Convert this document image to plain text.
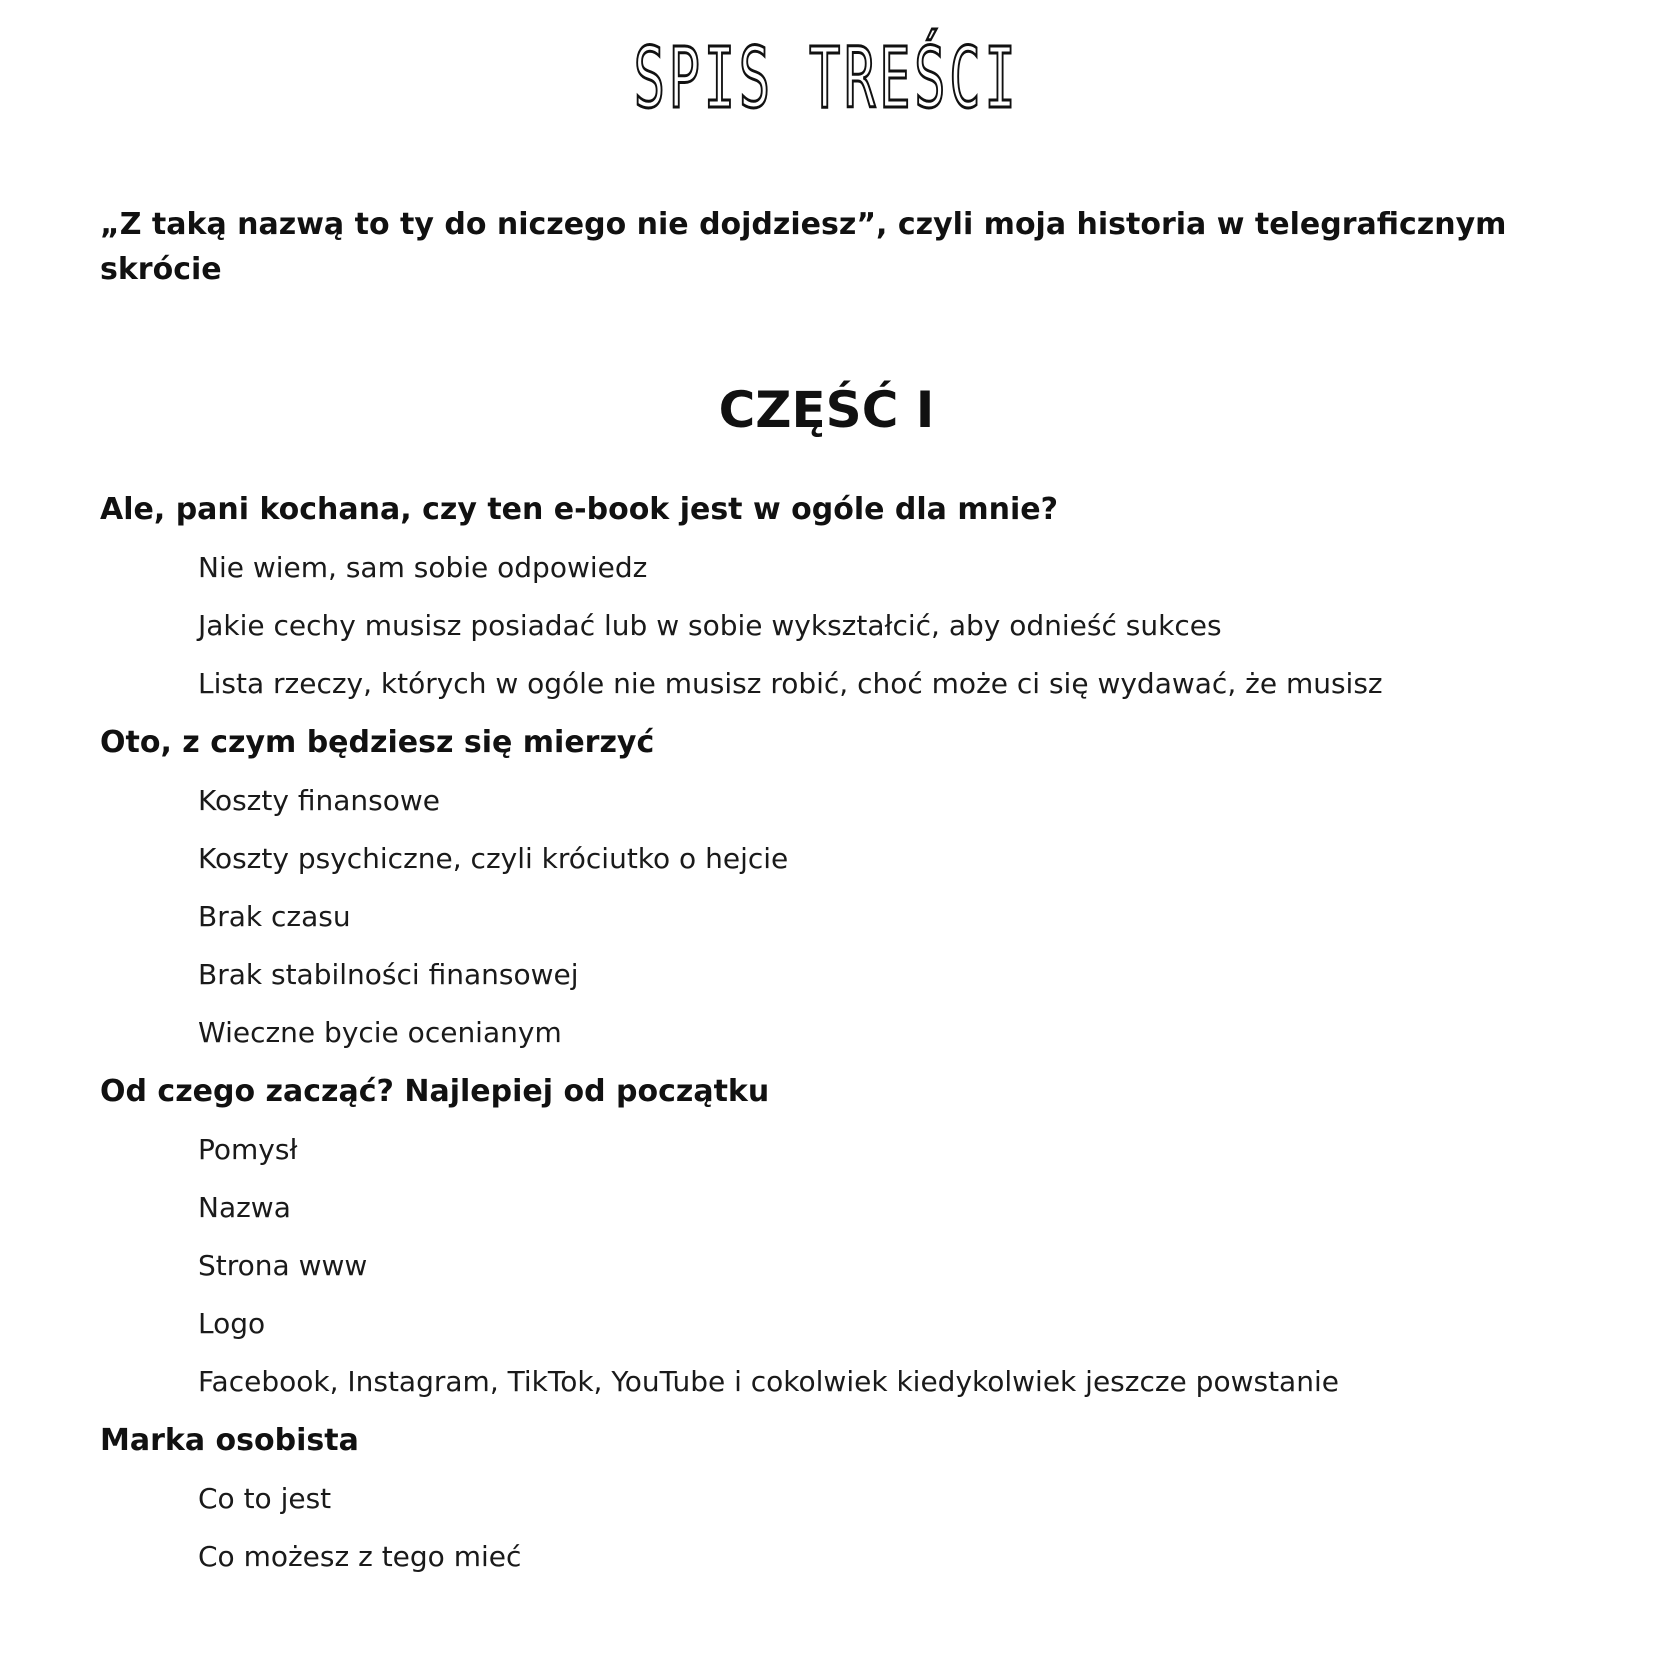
SPIS TREŚCI
„Z taką nazwą to ty do niczego nie dojdziesz”, czyli moja historia w telegraficznym skrócie
CZĘŚĆ I
Ale, pani kochana, czy ten e-book jest w ogóle dla mnie?
Nie wiem, sam sobie odpowiedz
Jakie cechy musisz posiadać lub w sobie wykształcić, aby odnieść sukces
Lista rzeczy, których w ogóle nie musisz robić, choć może ci się wydawać, że musisz
Oto, z czym będziesz się mierzyć
Koszty finansowe
Koszty psychiczne, czyli króciutko o hejcie
Brak czasu
Brak stabilności finansowej
Wieczne bycie ocenianym
Od czego zacząć? Najlepiej od początku
Pomysł
Nazwa
Strona www
Logo
Facebook, Instagram, TikTok, YouTube i cokolwiek kiedykolwiek jeszcze powstanie
Marka osobista
Co to jest
Co możesz z tego mieć
